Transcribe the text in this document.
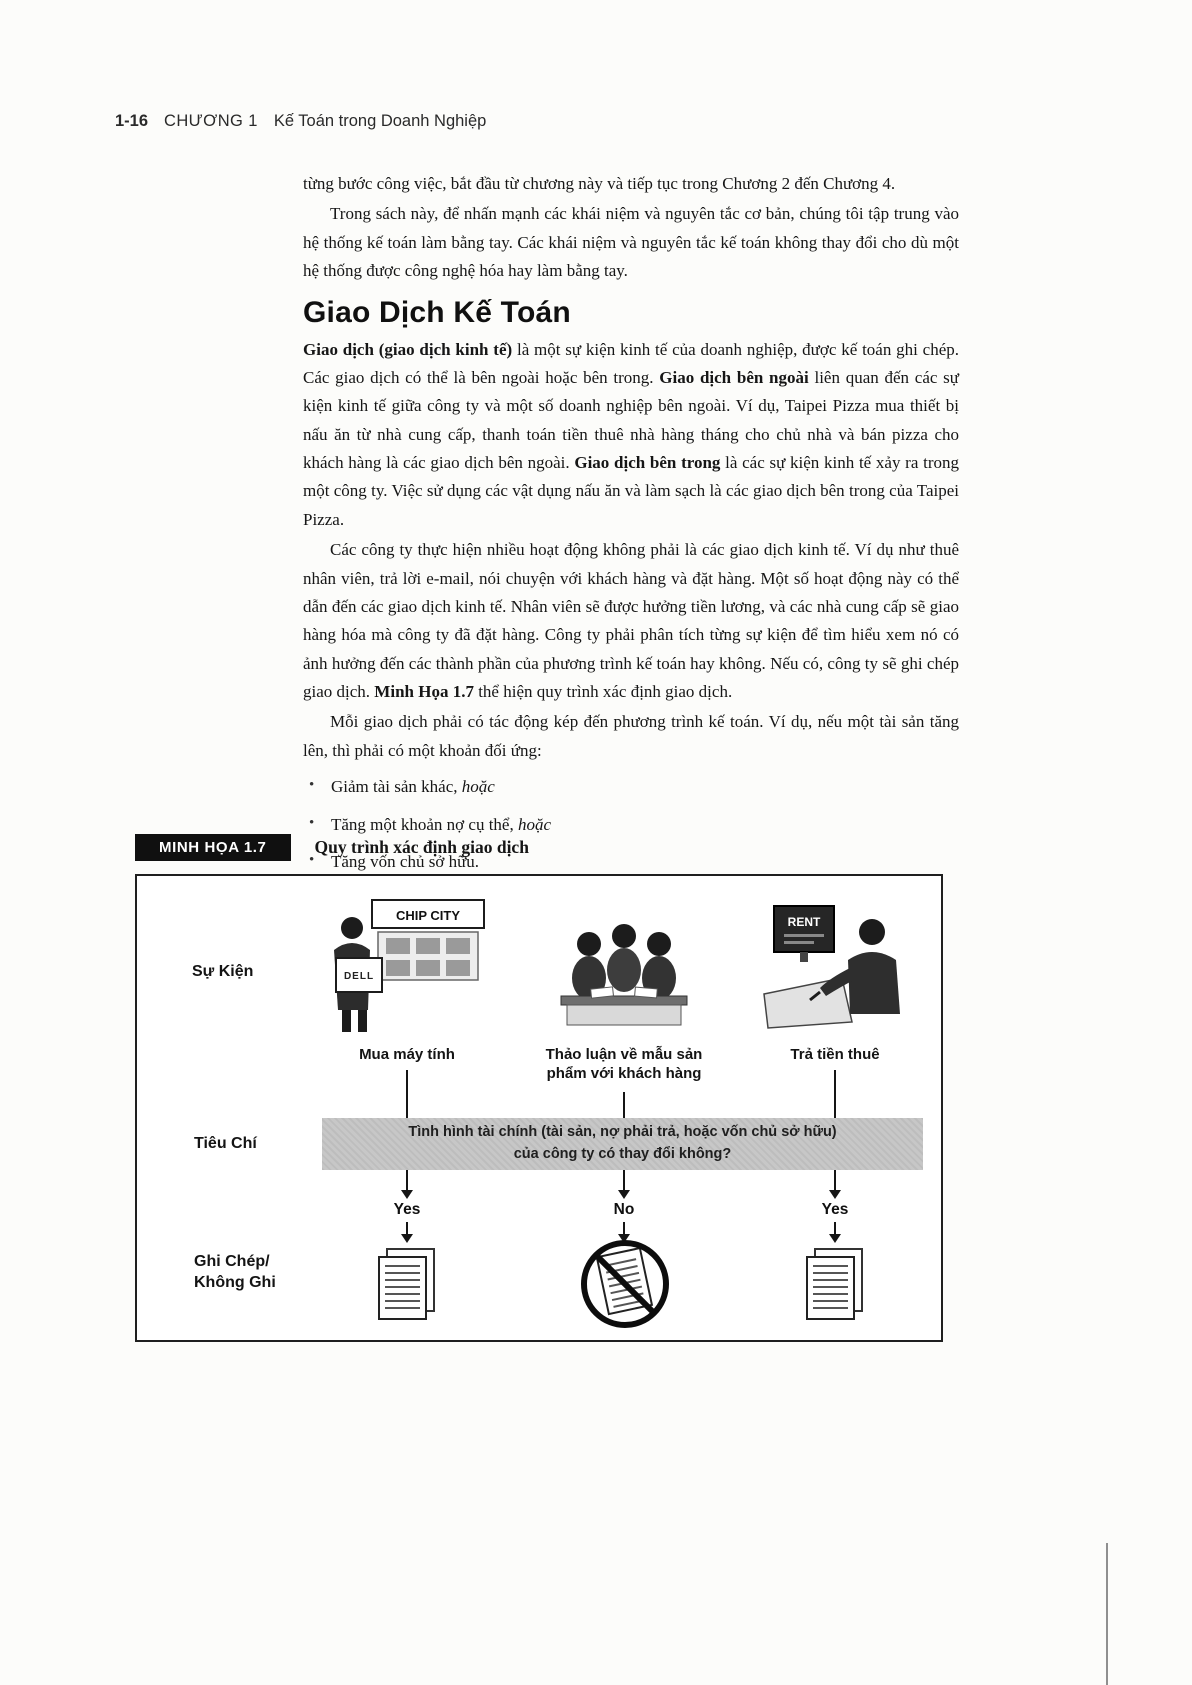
1-16 CHƯƠNG 1 Kế Toán trong Doanh Nghiệp

từng bước công việc, bắt đầu từ chương này và tiếp tục trong Chương 2 đến Chương 4.

Trong sách này, để nhấn mạnh các khái niệm và nguyên tắc cơ bản, chúng tôi tập trung vào hệ thống kế toán làm bằng tay. Các khái niệm và nguyên tắc kế toán không thay đổi cho dù một hệ thống được công nghệ hóa hay làm bằng tay.

Giao Dịch Kế Toán

Giao dịch (giao dịch kinh tế) là một sự kiện kinh tế của doanh nghiệp, được kế toán ghi chép. Các giao dịch có thể là bên ngoài hoặc bên trong. Giao dịch bên ngoài liên quan đến các sự kiện kinh tế giữa công ty và một số doanh nghiệp bên ngoài. Ví dụ, Taipei Pizza mua thiết bị nấu ăn từ nhà cung cấp, thanh toán tiền thuê nhà hàng tháng cho chủ nhà và bán pizza cho khách hàng là các giao dịch bên ngoài. Giao dịch bên trong là các sự kiện kinh tế xảy ra trong một công ty. Việc sử dụng các vật dụng nấu ăn và làm sạch là các giao dịch bên trong của Taipei Pizza.

Các công ty thực hiện nhiều hoạt động không phải là các giao dịch kinh tế. Ví dụ như thuê nhân viên, trả lời e-mail, nói chuyện với khách hàng và đặt hàng. Một số hoạt động này có thể dẫn đến các giao dịch kinh tế. Nhân viên sẽ được hưởng tiền lương, và các nhà cung cấp sẽ giao hàng hóa mà công ty đã đặt hàng. Công ty phải phân tích từng sự kiện để tìm hiểu xem nó có ảnh hưởng đến các thành phần của phương trình kế toán hay không. Nếu có, công ty sẽ ghi chép giao dịch. Minh Họa 1.7 thể hiện quy trình xác định giao dịch.

Mỗi giao dịch phải có tác động kép đến phương trình kế toán. Ví dụ, nếu một tài sản tăng lên, thì phải có một khoản đối ứng:

• Giảm tài sản khác, hoặc
• Tăng một khoản nợ cụ thể, hoặc
• Tăng vốn chủ sở hữu.
MINH HỌA 1.7	Quy trình xác định giao dịch
Sự Kiện
Tiêu Chí
Ghi Chép/
Không Ghi
CHIP CITY
DELL
Mua máy tính	Thảo luận về mẫu sản phẩm với khách hàng
RENT
Trả tiền thuê
Tình hình tài chính (tài sản, nợ phải trả, hoặc vốn chủ sở hữu)
của công ty có thay đổi không?
Yes	No	Yes
